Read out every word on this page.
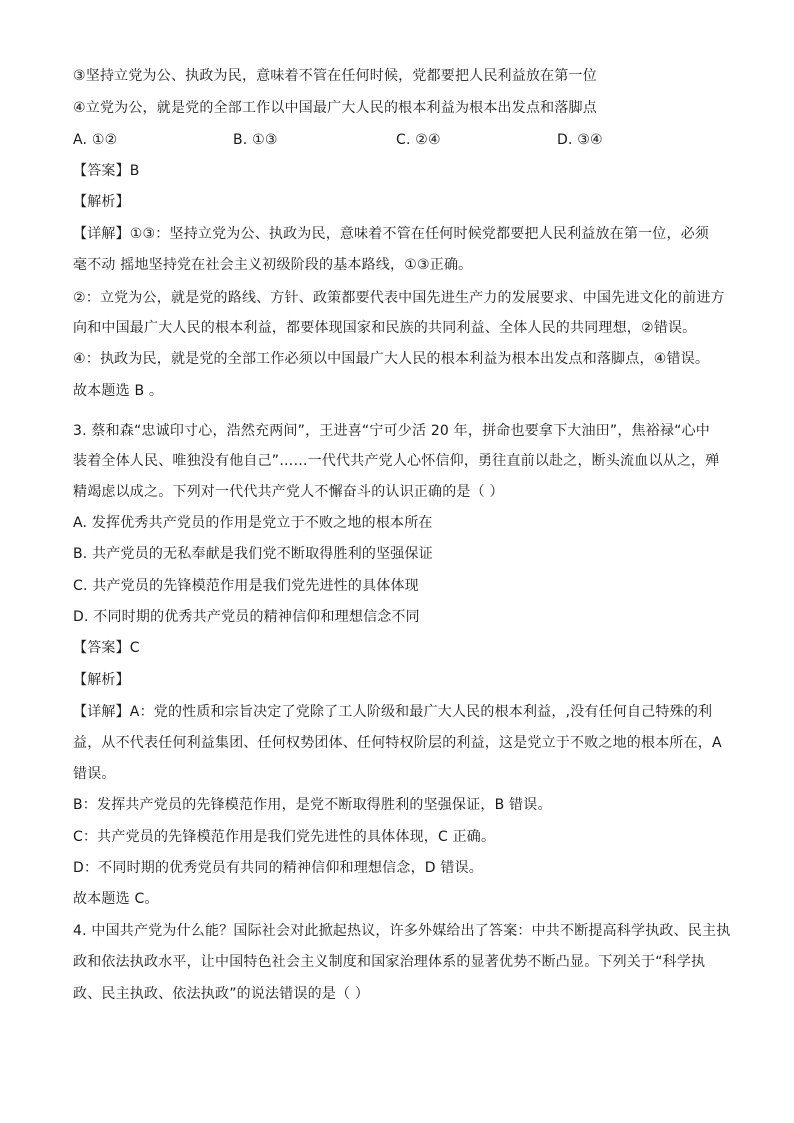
③坚持立党为公、执政为民，意味着不管在任何时候，党都要把人民利益放在第一位
④立党为公，就是党的全部工作以中国最广大人民的根本利益为根本出发点和落脚点
A. ①②	B. ①③	C. ②④	D. ③④
【答案】B
【解析】
【详解】①③：坚持立党为公、执政为民，意味着不管在任何时候党都要把人民利益放在第一位，必须
毫不动 摇地坚持党在社会主义初级阶段的基本路线，①③正确。
②：立党为公，就是党的路线、方针、政策都要代表中国先进生产力的发展要求、中国先进文化的前进方
向和中国最广大人民的根本利益，都要体现国家和民族的共同利益、全体人民的共同理想，②错误。
④：执政为民，就是党的全部工作必须以中国最广大人民的根本利益为根本出发点和落脚点，④错误。
故本题选 B 。
3. 蔡和森“忠诚印寸心，浩然充两间”，王进喜“宁可少活 20 年，拼命也要拿下大油田”，焦裕禄“心中
装着全体人民、唯独没有他自己”……一代代共产党人心怀信仰，勇往直前以赴之，断头流血以从之，殚
精竭虑以成之。下列对一代代共产党人不懈奋斗的认识正确的是（ ）
A. 发挥优秀共产党员的作用是党立于不败之地的根本所在
B. 共产党员的无私奉献是我们党不断取得胜利的坚强保证
C. 共产党员的先锋模范作用是我们党先进性的具体体现
D. 不同时期的优秀共产党员的精神信仰和理想信念不同
【答案】C
【解析】
【详解】A：党的性质和宗旨决定了党除了工人阶级和最广大人民的根本利益，,没有任何自己特殊的利
益，从不代表任何利益集团、任何权势团体、任何特权阶层的利益，这是党立于不败之地的根本所在，A
错误。
B：发挥共产党员的先锋模范作用，是党不断取得胜利的坚强保证，B 错误。
C：共产党员的先锋模范作用是我们党先进性的具体体现，C 正确。
D：不同时期的优秀党员有共同的精神信仰和理想信念，D 错误。
故本题选 C。
4. 中国共产党为什么能？国际社会对此掀起热议，许多外媒给出了答案：中共不断提高科学执政、民主执
政和依法执政水平，让中国特色社会主义制度和国家治理体系的显著优势不断凸显。下列关于“科学执
政、民主执政、依法执政”的说法错误的是（ ）
